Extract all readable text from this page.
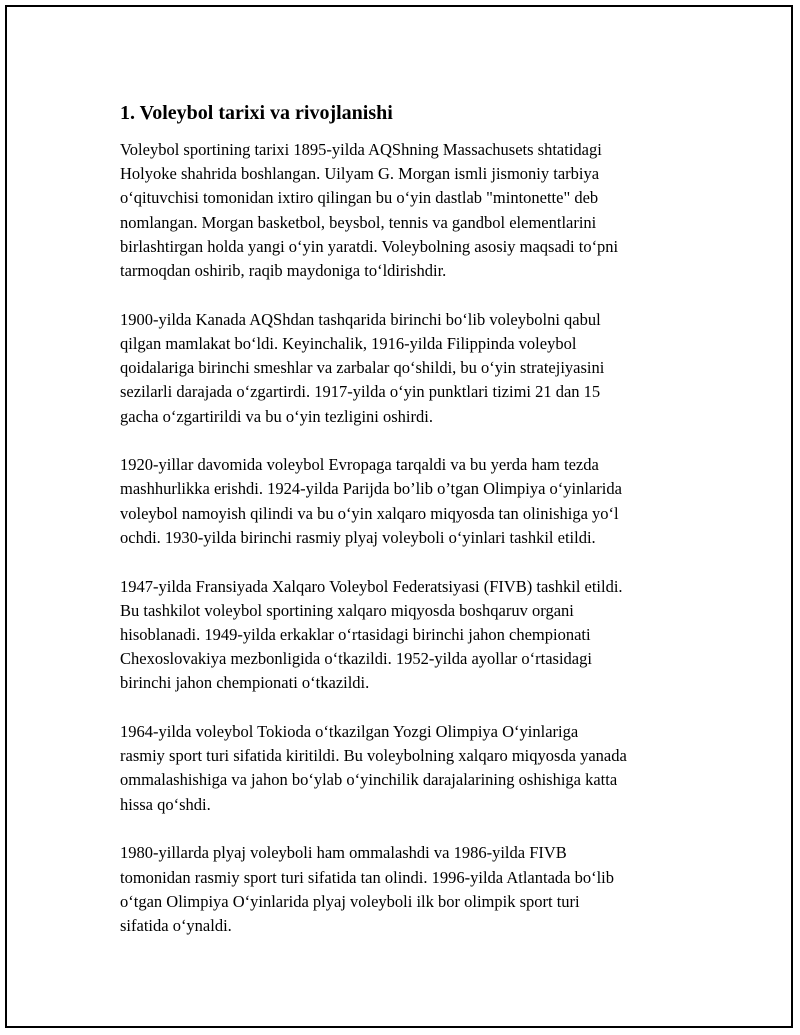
1. Voleybol tarixi va rivojlanishi

Voleybol sportining tarixi 1895-yilda AQShning Massachusets shtatidagi
Holyoke shahrida boshlangan. Uilyam G. Morgan ismli jismoniy tarbiya
o‘qituvchisi tomonidan ixtiro qilingan bu o‘yin dastlab "mintonette" deb
nomlangan. Morgan basketbol, beysbol, tennis va gandbol elementlarini
birlashtirgan holda yangi o‘yin yaratdi. Voleybolning asosiy maqsadi to‘pni
tarmoqdan oshirib, raqib maydoniga to‘ldirishdir.

1900-yilda Kanada AQShdan tashqarida birinchi bo‘lib voleybolni qabul
qilgan mamlakat bo‘ldi. Keyinchalik, 1916-yilda Filippinda voleybol
qoidalariga birinchi smeshlar va zarbalar qo‘shildi, bu o‘yin stratejiyasini
sezilarli darajada o‘zgartirdi. 1917-yilda o‘yin punktlari tizimi 21 dan 15
gacha o‘zgartirildi va bu o‘yin tezligini oshirdi.

1920-yillar davomida voleybol Evropaga tarqaldi va bu yerda ham tezda
mashhurlikka erishdi. 1924-yilda Parijda bo’lib o’tgan Olimpiya o‘yinlarida
voleybol namoyish qilindi va bu o‘yin xalqaro miqyosda tan olinishiga yo‘l
ochdi. 1930-yilda birinchi rasmiy plyaj voleyboli o‘yinlari tashkil etildi.

1947-yilda Fransiyada Xalqaro Voleybol Federatsiyasi (FIVB) tashkil etildi.
Bu tashkilot voleybol sportining xalqaro miqyosda boshqaruv organi
hisoblanadi. 1949-yilda erkaklar o‘rtasidagi birinchi jahon chempionati
Chexoslovakiya mezbonligida o‘tkazildi. 1952-yilda ayollar o‘rtasidagi
birinchi jahon chempionati o‘tkazildi.

1964-yilda voleybol Tokioda o‘tkazilgan Yozgi Olimpiya O‘yinlariga
rasmiy sport turi sifatida kiritildi. Bu voleybolning xalqaro miqyosda yanada
ommalashishiga va jahon bo‘ylab o‘yinchilik darajalarining oshishiga katta
hissa qo‘shdi.

1980-yillarda plyaj voleyboli ham ommalashdi va 1986-yilda FIVB
tomonidan rasmiy sport turi sifatida tan olindi. 1996-yilda Atlantada bo‘lib
o‘tgan Olimpiya O‘yinlarida plyaj voleyboli ilk bor olimpik sport turi
sifatida o‘ynaldi.
